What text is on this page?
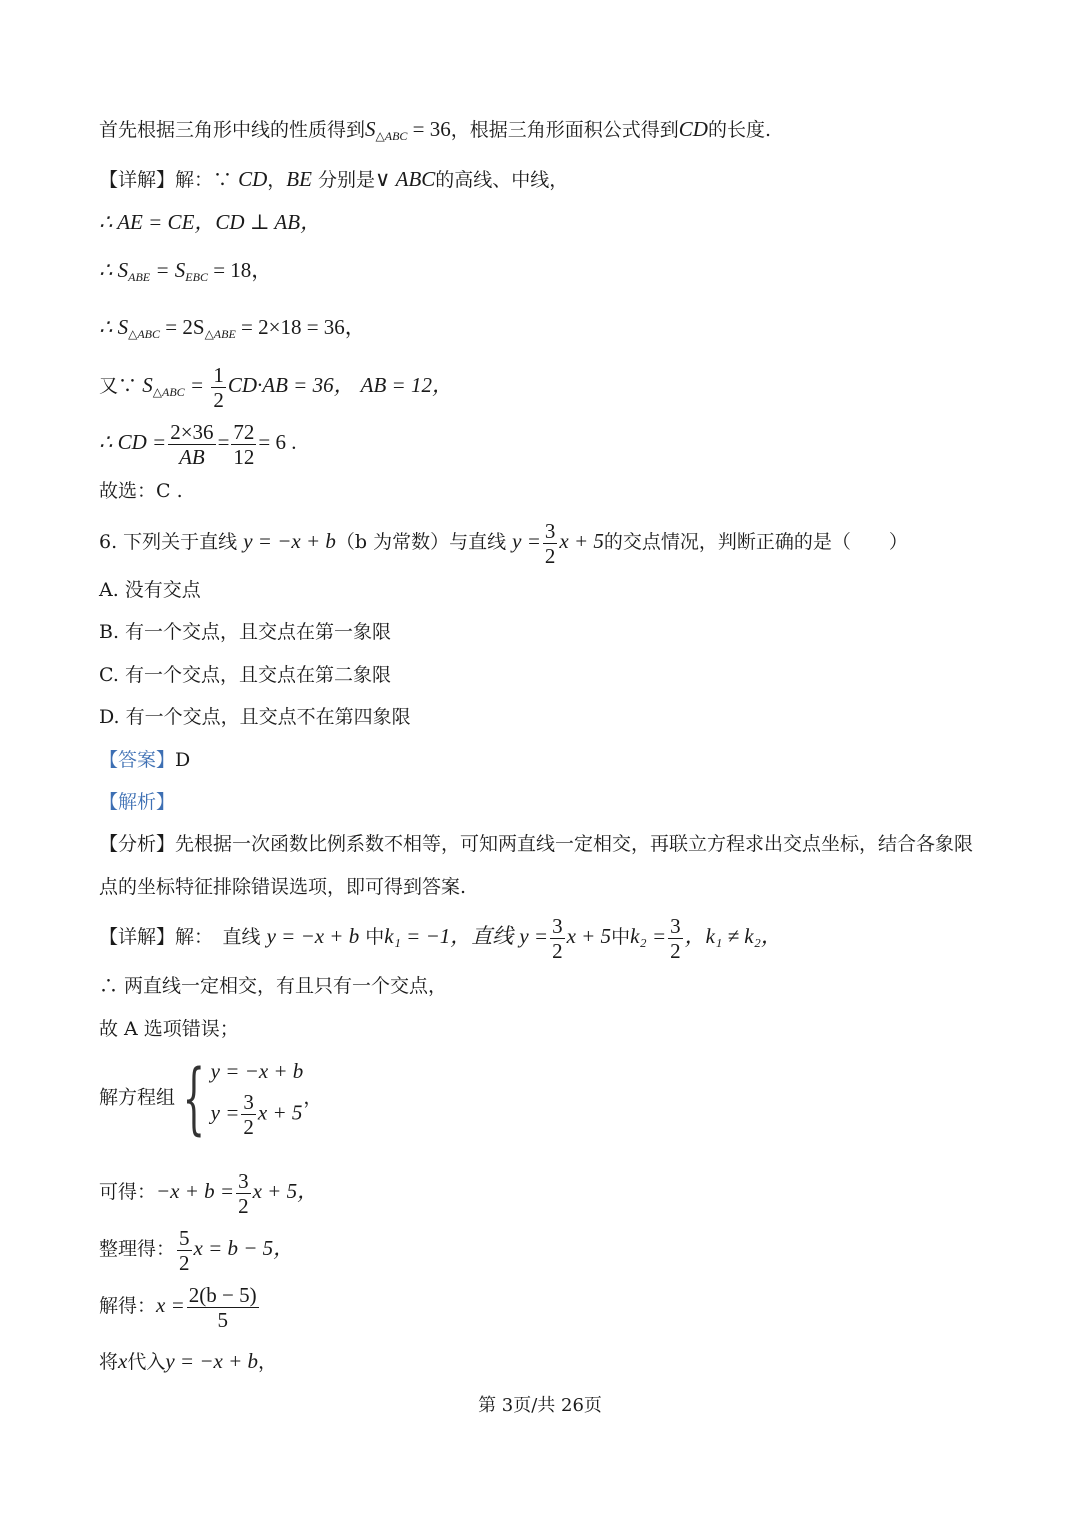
首先根据三角形中线的性质得到$S_{\triangle ABC} = 36$，根据三角形面积公式得到CD的长度.
【详解】解：∵ CD，BE 分别是∨ ABC的高线、中线，
∴ AE = CE，CD ⊥ AB，
∴ $S_{ABE} = S_{EBC} = 18$，
∴ $S_{\triangle ABC} = 2S_{\triangle ABE} = 2\times 18 = 36$，
又∵ $S_{\triangle ABC} = \frac{1}{2} CD\cdot AB = 36$， AB = 12，
∴ CD = $\frac{2\times 36}{AB} = \frac{72}{12} = 6$ .
故选：C .
6. 下列关于直线 y = −x + b（b 为常数）与直线 $y = \frac{3}{2}$ x + 5的交点情况，判断正确的是（　　）
A. 没有交点
B. 有一个交点，且交点在第一象限
C. 有一个交点，且交点在第二象限
D. 有一个交点，且交点不在第四象限
【答案】D
【解析】
【分析】先根据一次函数比例系数不相等，可知两直线一定相交，再联立方程求出交点坐标，结合各象限
点的坐标特征排除错误选项，即可得到答案.
【详解】解：　直线 y = −x + b 中k₁ = −1，直线 $y = \frac{3}{2}$ x + 5中$k_2 = \frac{3}{2}$ ，k₁ ≠ k₂，
∴ 两直线一定相交，有且只有一个交点，
故 A 选项错误；
解方程组 { y = −x + b
$y = \frac{3}{2}$ x + 5
，
可得：$-x + b = \frac{3}{2}$ x + 5，
整理得： $\frac{5}{2}$ x = b − 5，
解得：$x = \frac{2(b - 5)}{5}$
将x代入y = −x + b，
第 3页/共 26页
